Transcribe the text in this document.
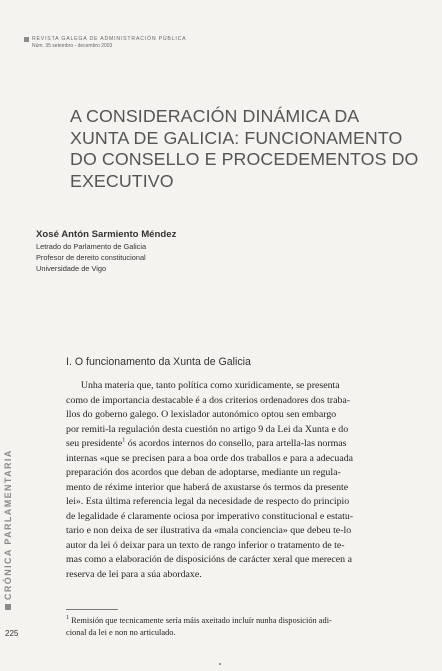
REVISTA GALEGA DE ADMINISTRACIÓN PÚBLICA
Núm. 35 setembro - decembro 2003
A CONSIDERACIÓN DINÁMICA DA
XUNTA DE GALICIA: FUNCIONAMENTO
DO CONSELLO E PROCEDEMENTOS DO
EXECUTIVO
Xosé Antón Sarmiento Méndez
Letrado do Parlamento de Galicia
Profesor de dereito constitucional
Universidade de Vigo
I. O funcionamento da Xunta de Galicia
Unha materia que, tanto política como xuridicamente, se presenta
como de importancia destacable é a dos criterios ordenadores dos traba-
llos do goberno galego. O lexislador autonómico optou sen embargo
por remiti-la regulación desta cuestión no artigo 9 da Lei da Xunta e do
seu presidente$^1$ ós acordos internos do consello, para artella-las normas
internas «que se precisen para a boa orde dos traballos e para a adecuada
preparación dos acordos que deban de adoptarse, mediante un regula-
mento de réxime interior que haberá de axustarse ós termos da presente
lei». Esta última referencia legal da necesidade de respecto do principio
de legalidade é claramente ociosa por imperativo constitucional e estatu-
tario e non deixa de ser ilustrativa da «mala conciencia» que debeu te-lo
autor da lei ó deixar para un texto de rango inferior o tratamento de te-
mas como a elaboración de disposicións de carácter xeral que merecen a
reserva de lei para a súa abordaxe.
CRÓNICA PARLAMENTARIA
225
$^1$ Remisión que tecnicamente sería máis axeitado incluír nunha disposición adi-
cional da lei e non no articulado.
